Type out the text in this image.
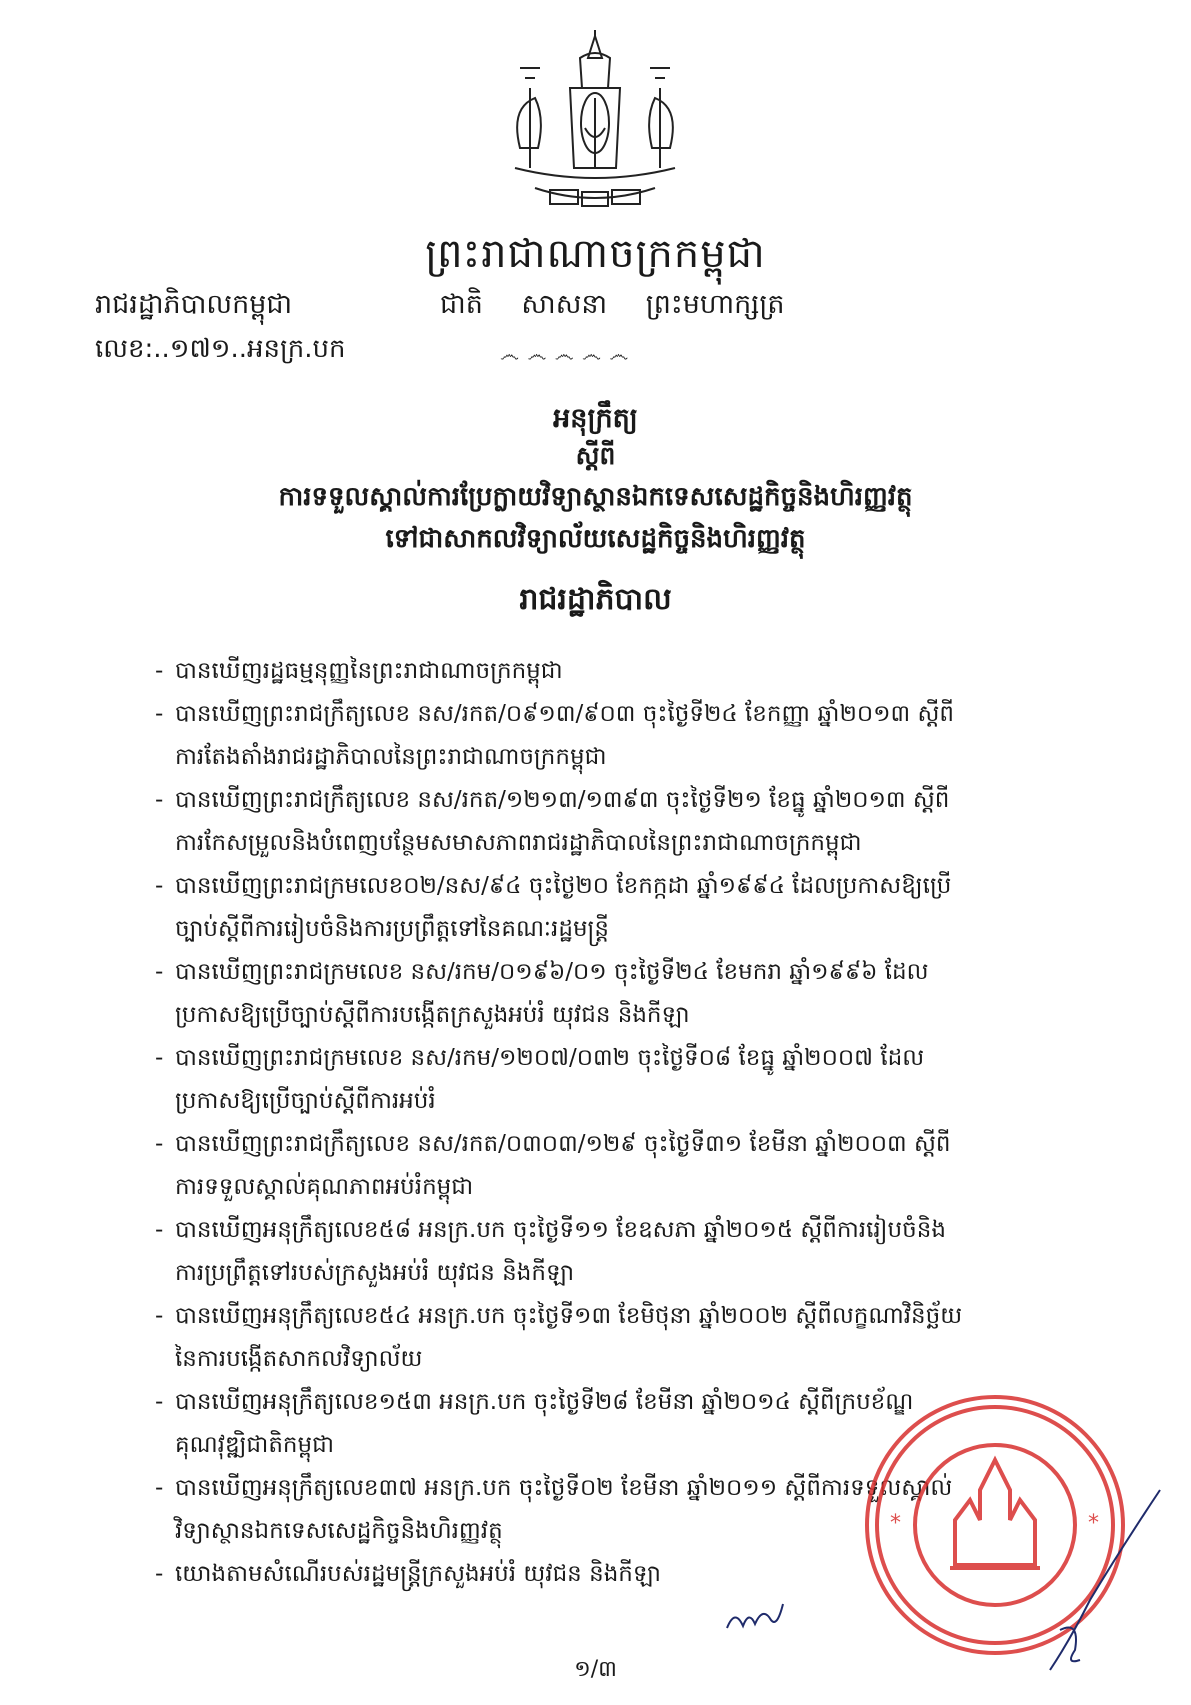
ព្រះរាជាណាចក្រកម្ពុជា
រាជរដ្ឋាភិបាលកម្ពុជា	ជាតិ សាសនា ព្រះមហាក្សត្រ
លេខ:..១៧១..អនក្រ.បក	෴ ෴ ෴ ෴ ෴
អនុក្រឹត្យ
ស្តីពី
ការទទួលស្គាល់ការប្រែក្លាយវិទ្យាស្ថានឯកទេសសេដ្ឋកិច្ចនិងហិរញ្ញវត្ថុ
ទៅជាសាកលវិទ្យាល័យសេដ្ឋកិច្ចនិងហិរញ្ញវត្ថុ
រាជរដ្ឋាភិបាល
- បានឃើញរដ្ឋធម្មនុញ្ញនៃព្រះរាជាណាចក្រកម្ពុជា
- បានឃើញព្រះរាជក្រឹត្យលេខ នស/រកត/០៩១៣/៩០៣ ចុះថ្ងៃទី២៤ ខែកញ្ញា ឆ្នាំ២០១៣ ស្តីពី
ការតែងតាំងរាជរដ្ឋាភិបាលនៃព្រះរាជាណាចក្រកម្ពុជា
- បានឃើញព្រះរាជក្រឹត្យលេខ នស/រកត/១២១៣/១៣៩៣ ចុះថ្ងៃទី២១ ខែធ្នូ ឆ្នាំ២០១៣ ស្តីពី
ការកែសម្រួលនិងបំពេញបន្ថែមសមាសភាពរាជរដ្ឋាភិបាលនៃព្រះរាជាណាចក្រកម្ពុជា
- បានឃើញព្រះរាជក្រមលេខ០២/នស/៩៤ ចុះថ្ងៃ២០ ខែកក្កដា ឆ្នាំ១៩៩៤ ដែលប្រកាសឱ្យប្រើ
ច្បាប់ស្តីពីការរៀបចំនិងការប្រព្រឹត្តទៅនៃគណៈរដ្ឋមន្ត្រី
- បានឃើញព្រះរាជក្រមលេខ នស/រកម/០១៩៦/០១ ចុះថ្ងៃទី២៤ ខែមករា ឆ្នាំ១៩៩៦ ដែល
ប្រកាសឱ្យប្រើច្បាប់ស្តីពីការបង្កើតក្រសួងអប់រំ យុវជន និងកីឡា
- បានឃើញព្រះរាជក្រមលេខ នស/រកម/១២០៧/០៣២ ចុះថ្ងៃទី០៨ ខែធ្នូ ឆ្នាំ២០០៧ ដែល
ប្រកាសឱ្យប្រើច្បាប់ស្តីពីការអប់រំ
- បានឃើញព្រះរាជក្រឹត្យលេខ នស/រកត/០៣០៣/១២៩ ចុះថ្ងៃទី៣១ ខែមីនា ឆ្នាំ២០០៣ ស្តីពី
ការទទួលស្គាល់គុណភាពអប់រំកម្ពុជា
- បានឃើញអនុក្រឹត្យលេខ៥៨ អនក្រ.បក ចុះថ្ងៃទី១១ ខែឧសភា ឆ្នាំ២០១៥ ស្តីពីការរៀបចំនិង
ការប្រព្រឹត្តទៅរបស់ក្រសួងអប់រំ យុវជន និងកីឡា
- បានឃើញអនុក្រឹត្យលេខ៥៤ អនក្រ.បក ចុះថ្ងៃទី១៣ ខែមិថុនា ឆ្នាំ២០០២ ស្តីពីលក្ខណាវិនិច្ឆ័យ
នៃការបង្កើតសាកលវិទ្យាល័យ
- បានឃើញអនុក្រឹត្យលេខ១៥៣ អនក្រ.បក ចុះថ្ងៃទី២៨ ខែមីនា ឆ្នាំ២០១៤ ស្តីពីក្របខ័ណ្ឌ
គុណវុឌ្ឍិជាតិកម្ពុជា
- បានឃើញអនុក្រឹត្យលេខ៣៧ អនក្រ.បក ចុះថ្ងៃទី០២ ខែមីនា ឆ្នាំ២០១១ ស្តីពីការទទួលស្គាល់
វិទ្យាស្ថានឯកទេសសេដ្ឋកិច្ចនិងហិរញ្ញវត្ថុ
- យោងតាមសំណើរបស់រដ្ឋមន្ត្រីក្រសួងអប់រំ យុវជន និងកីឡា
*	*
១/៣
